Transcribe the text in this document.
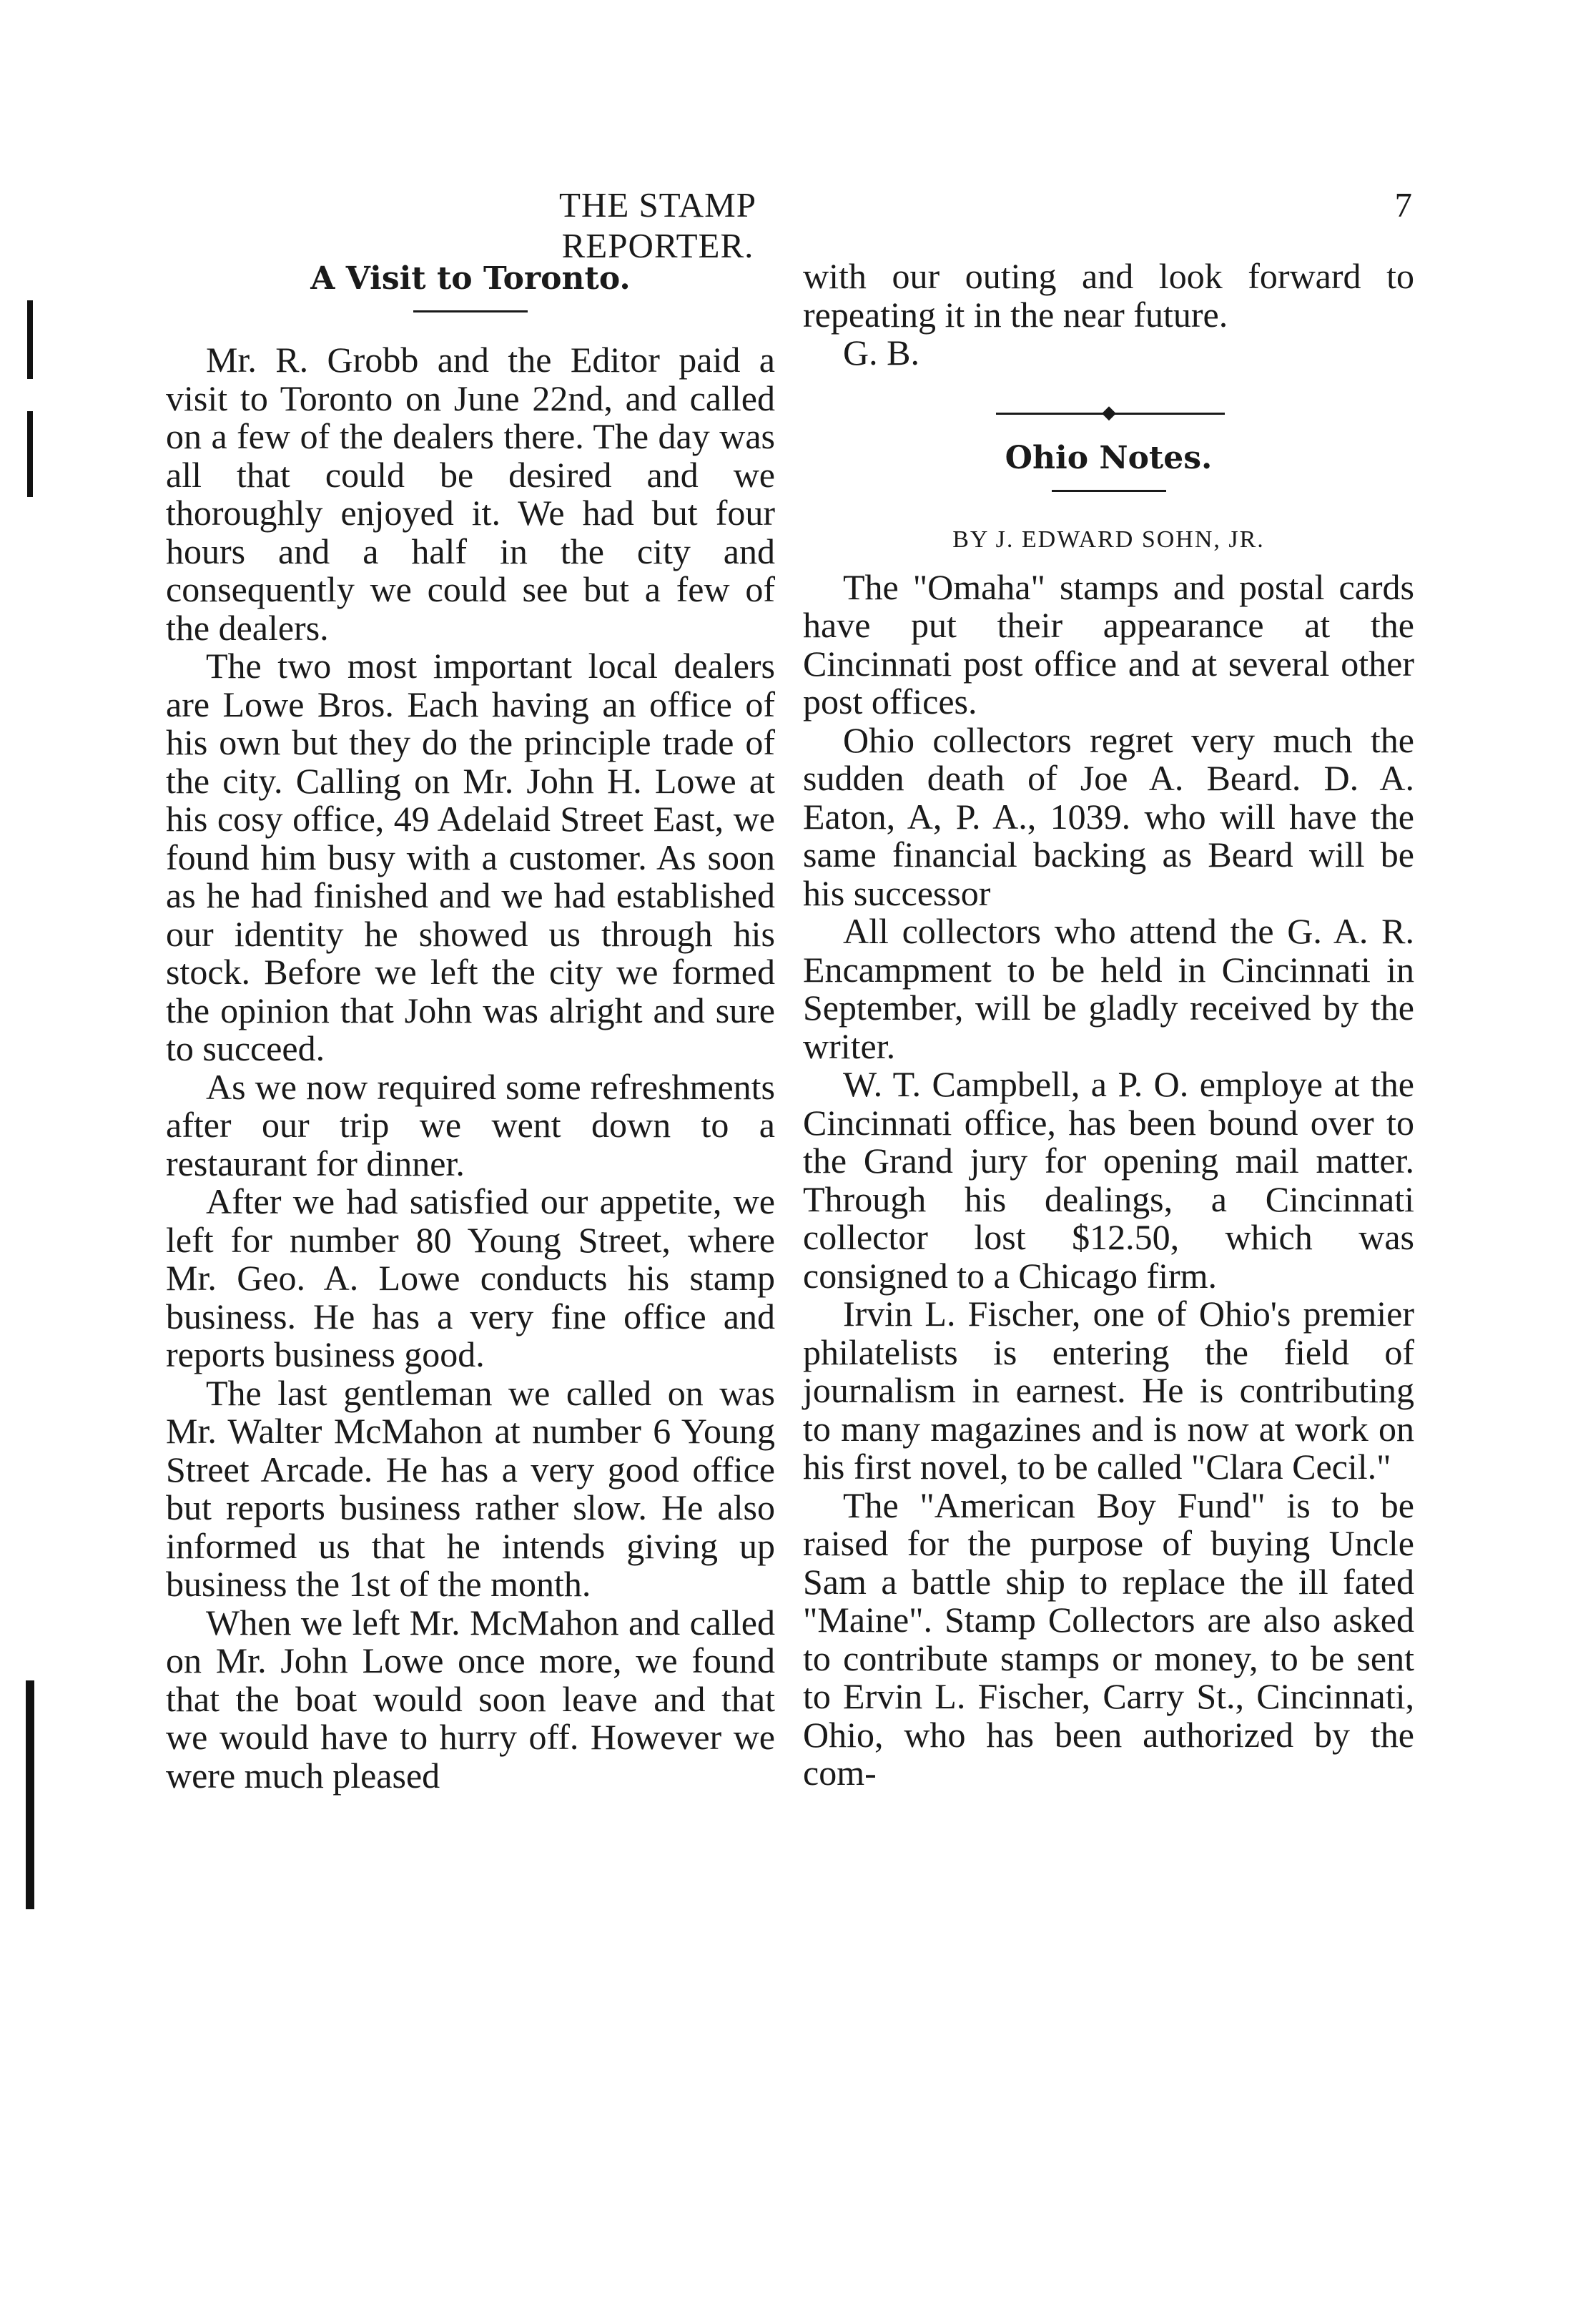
THE STAMP REPORTER.
7
A Visit to Toronto.

Mr. R. Grobb and the Editor paid a visit to Toronto on June 22nd, and called on a few of the dealers there. The day was all that could be desired and we thoroughly enjoyed it. We had but four hours and a half in the city and consequently we could see but a few of the dealers.

The two most important local dealers are Lowe Bros. Each having an office of his own but they do the principle trade of the city. Calling on Mr. John H. Lowe at his cosy office, 49 Adelaid Street East, we found him busy with a customer. As soon as he had finished and we had established our identity he showed us through his stock. Before we left the city we formed the opinion that John was alright and sure to succeed.

As we now required some refreshments after our trip we went down to a restaurant for dinner.

After we had satisfied our appetite, we left for number 80 Young Street, where Mr. Geo. A. Lowe conducts his stamp business. He has a very fine office and reports business good.

The last gentleman we called on was Mr. Walter McMahon at number 6 Young Street Arcade. He has a very good office but reports business rather slow. He also informed us that he intends giving up business the 1st of the month.

When we left Mr. McMahon and called on Mr. John Lowe once more, we found that the boat would soon leave and that we would have to hurry off. However we were much pleased

with our outing and look forward to repeating it in the near future.

G. B.

◆
Ohio Notes.
BY J. EDWARD SOHN, JR.

The "Omaha" stamps and postal cards have put their appearance at the Cincinnati post office and at several other post offices.

Ohio collectors regret very much the sudden death of Joe A. Beard. D. A. Eaton, A, P. A., 1039. who will have the same financial backing as Beard will be his successor

All collectors who attend the G. A. R. Encampment to be held in Cincinnati in September, will be gladly received by the writer.

W. T. Campbell, a P. O. employe at the Cincinnati office, has been bound over to the Grand jury for opening mail matter. Through his dealings, a Cincinnati collector lost $12.50, which was consigned to a Chicago firm.

Irvin L. Fischer, one of Ohio's premier philatelists is entering the field of journalism in earnest. He is contributing to many magazines and is now at work on his first novel, to be called "Clara Cecil."

The "American Boy Fund" is to be raised for the purpose of buying Uncle Sam a battle ship to replace the ill fated "Maine". Stamp Collectors are also asked to contribute stamps or money, to be sent to Ervin L. Fischer, Carry St., Cincinnati, Ohio, who has been authorized by the com-
